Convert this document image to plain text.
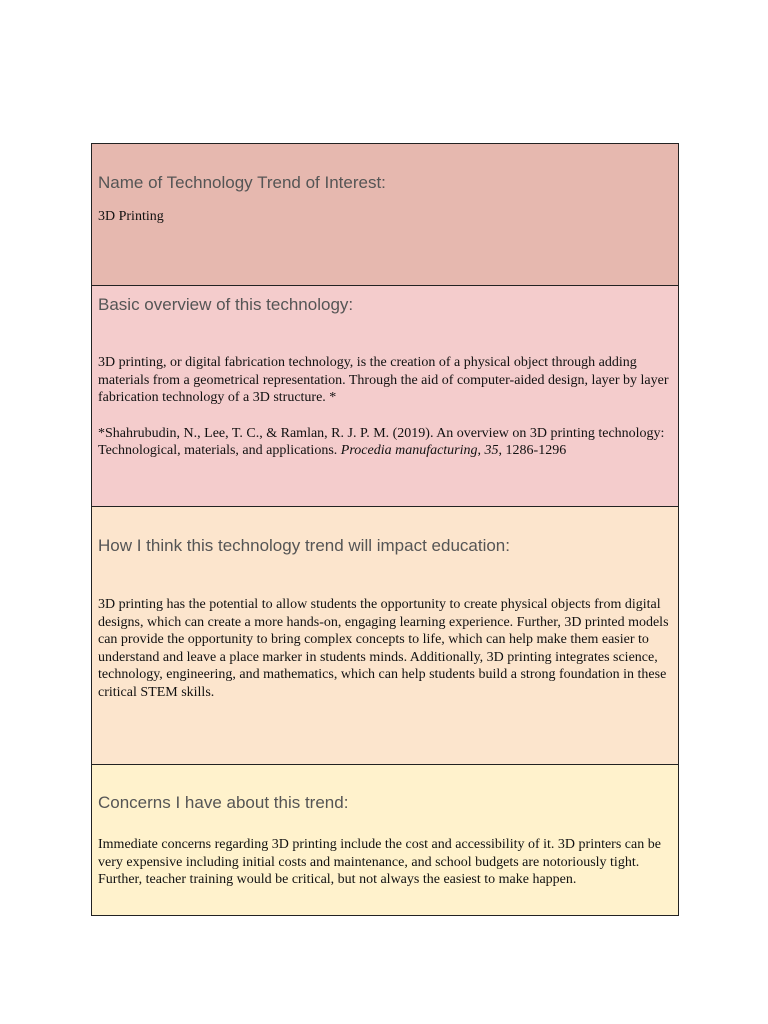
Name of Technology Trend of Interest:

3D Printing

Basic overview of this technology:

3D printing, or digital fabrication technology, is the creation of a physical object through adding materials from a geometrical representation. Through the aid of computer-aided design, layer by layer fabrication technology of a 3D structure. *

*Shahrubudin, N., Lee, T. C., & Ramlan, R. J. P. M. (2019). An overview on 3D printing technology: Technological, materials, and applications. Procedia manufacturing, 35, 1286-1296

How I think this technology trend will impact education:

3D printing has the potential to allow students the opportunity to create physical objects from digital designs, which can create a more hands-on, engaging learning experience. Further, 3D printed models can provide the opportunity to bring complex concepts to life, which can help make them easier to understand and leave a place marker in students minds. Additionally, 3D printing integrates science, technology, engineering, and mathematics, which can help students build a strong foundation in these critical STEM skills.

Concerns I have about this trend:

Immediate concerns regarding 3D printing include the cost and accessibility of it. 3D printers can be very expensive including initial costs and maintenance, and school budgets are notoriously tight. Further, teacher training would be critical, but not always the easiest to make happen.
